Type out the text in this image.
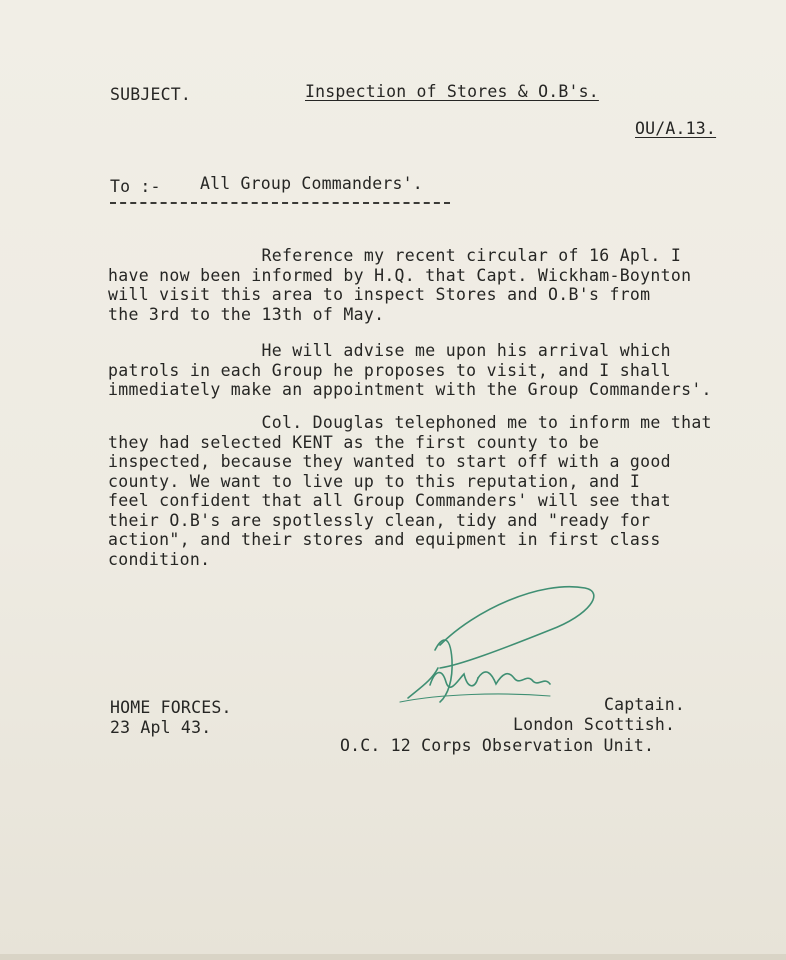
SUBJECT.	Inspection of Stores & O.B's.
OU/A.13.
To :- All Group Commanders'.
Reference my recent circular of 16 Apl. I
have now been informed by H.Q. that Capt. Wickham-Boynton
will visit this area to inspect Stores and O.B's from
the 3rd to the 13th of May.
He will advise me upon his arrival which
patrols in each Group he proposes to visit, and I shall
immediately make an appointment with the Group Commanders'.
Col. Douglas telephoned me to inform me that
they had selected KENT as the first county to be
inspected, because they wanted to start off with a good
county. We want to live up to this reputation, and I
feel confident that all Group Commanders' will see that
their O.B's are spotlessly clean, tidy and "ready for
action", and their stores and equipment in first class
condition.
HOME FORCES.
23 Apl 43.
Captain.
London Scottish.
O.C. 12 Corps Observation Unit.
